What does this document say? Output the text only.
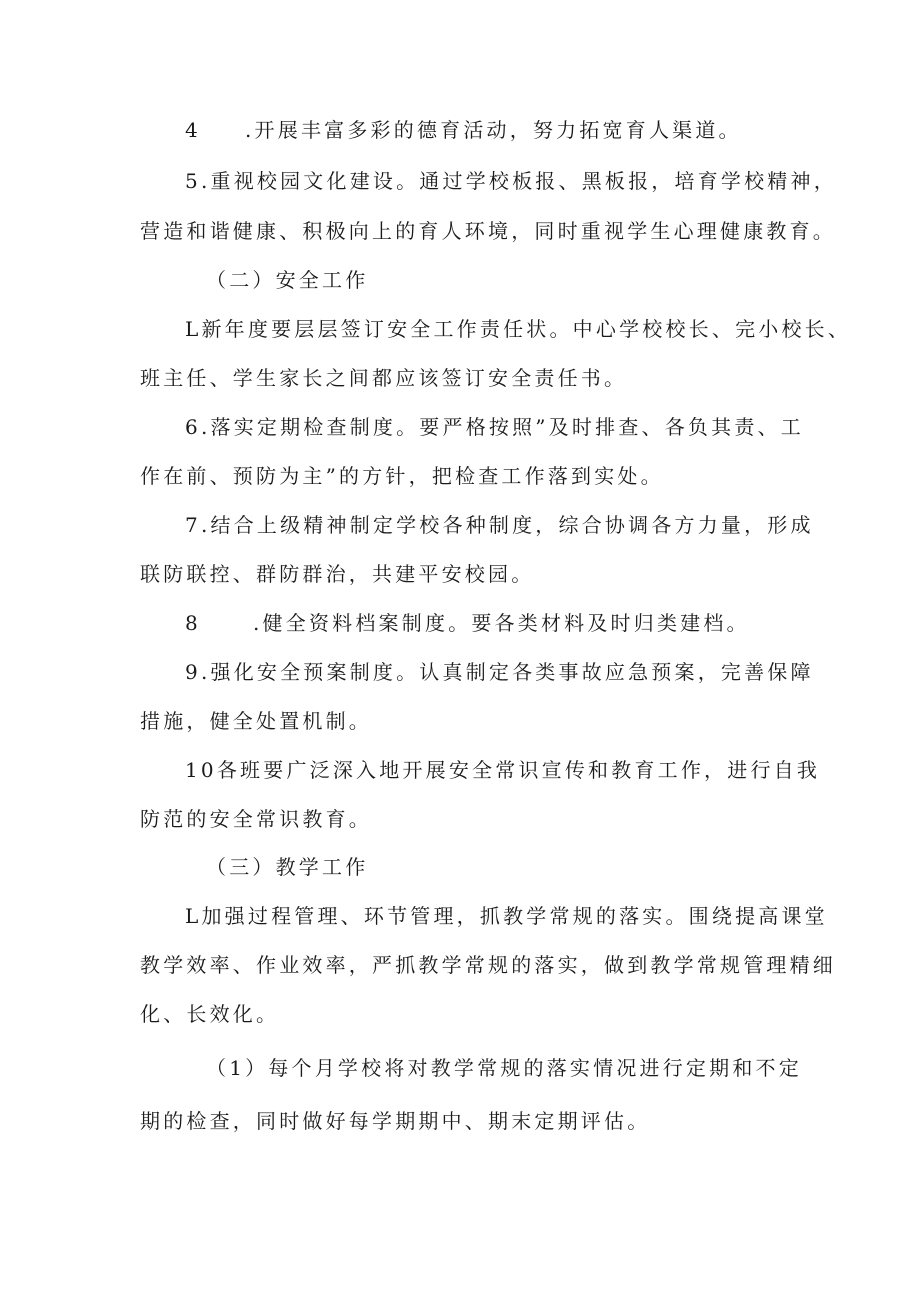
4 .开展丰富多彩的德育活动，努力拓宽育人渠道。
5.重视校园文化建设。通过学校板报、黑板报，培育学校精神，
营造和谐健康、积极向上的育人环境，同时重视学生心理健康教育。
（二）安全工作
L新年度要层层签订安全工作责任状。中心学校校长、完小校长、
班主任、学生家长之间都应该签订安全责任书。
6.落实定期检查制度。要严格按照”及时排查、各负其责、工
作在前、预防为主”的方针，把检查工作落到实处。
7.结合上级精神制定学校各种制度，综合协调各方力量，形成
联防联控、群防群治，共建平安校园。
8	.健全资料档案制度。要各类材料及时归类建档。
9.强化安全预案制度。认真制定各类事故应急预案，完善保障
措施，健全处置机制。
10各班要广泛深入地开展安全常识宣传和教育工作，进行自我
防范的安全常识教育。
（三）教学工作
L加强过程管理、环节管理，抓教学常规的落实。围绕提高课堂
教学效率、作业效率，严抓教学常规的落实，做到教学常规管理精细
化、长效化。
（1）每个月学校将对教学常规的落实情况进行定期和不定
期的检查，同时做好每学期期中、期末定期评估。
